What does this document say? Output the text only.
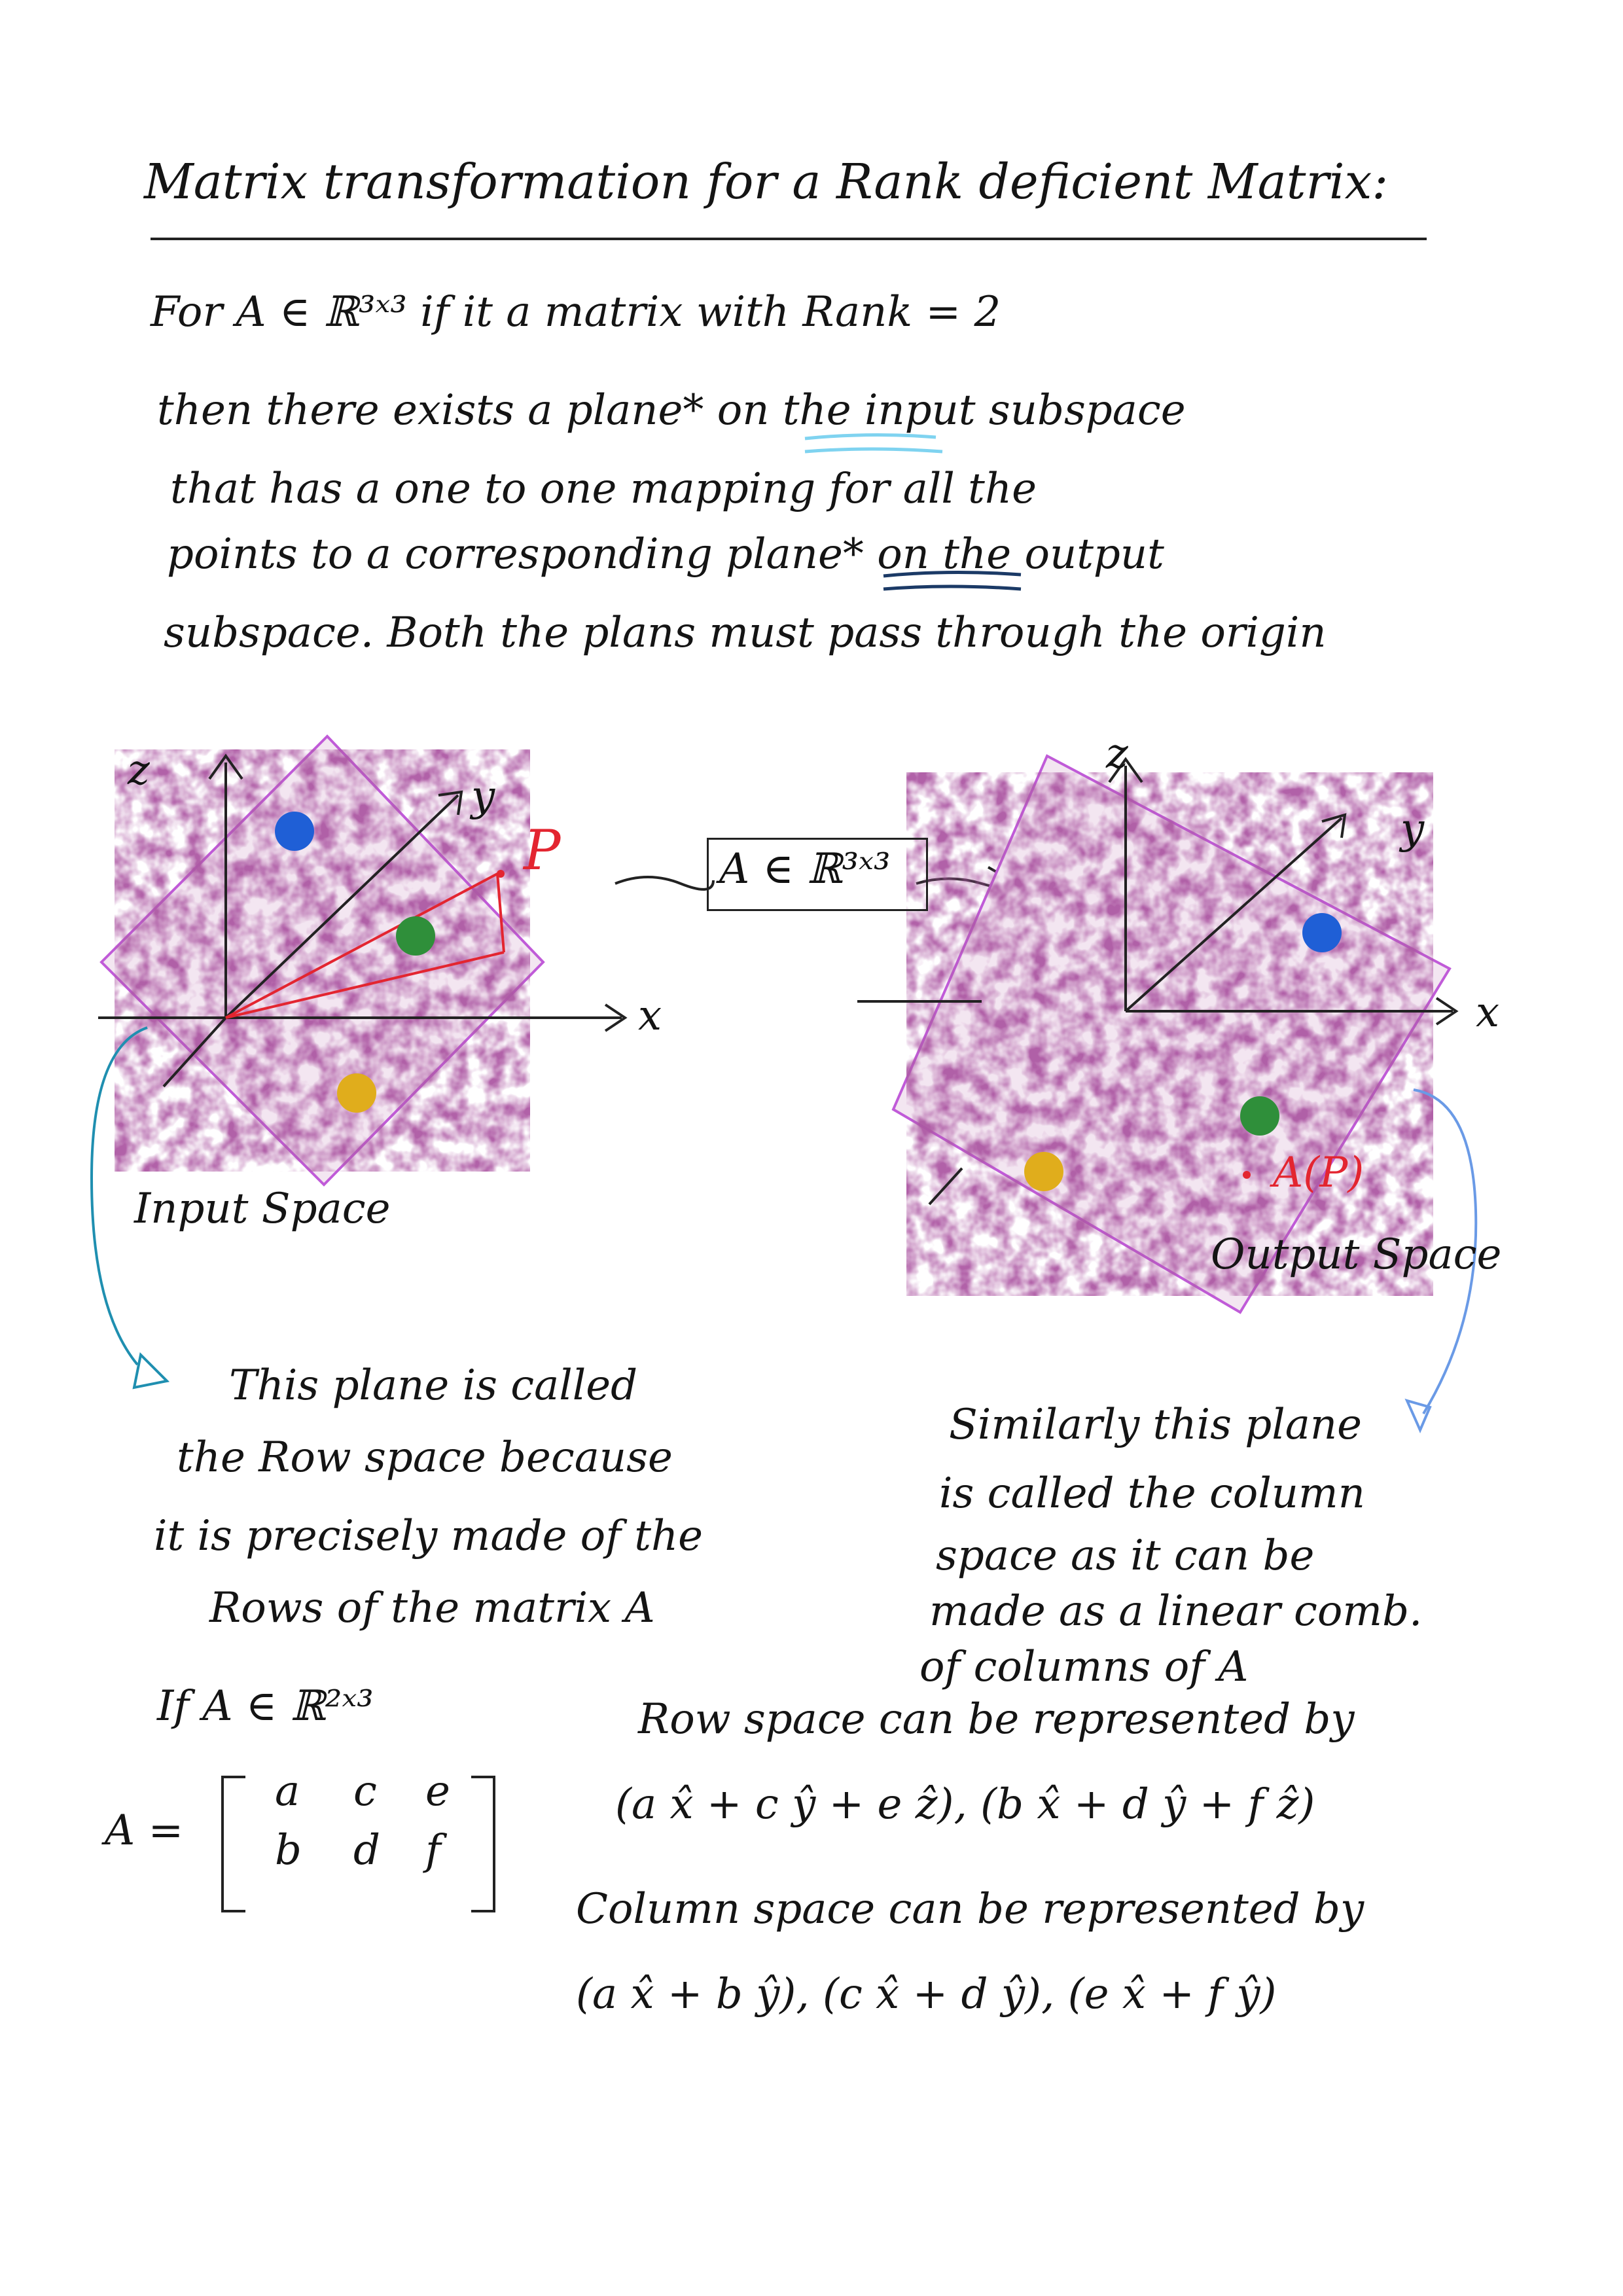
Matrix transformation for a Rank deficient Matrix:
For A ∈ ℝ³ˣ³ if it a matrix with Rank = 2
then there exists a plane* on the input subspace
that has a one to one mapping for all the
points to a corresponding plane* on the output
subspace. Both the plans must pass through the origin
z
y
x
P	A ∈ ℝ³ˣ³
Input Space
z
y
x
A(P)
Output Space
This plane is called
the Row space because
it is precisely made of the
Rows of the matrix A
Similarly this plane
is called the column
space as it can be
made as a linear comb.
of columns of A
If A ∈ ℝ²ˣ³
A =
a c e
b d f
Row space can be represented by
(a x̂ + c ŷ + e ẑ), (b x̂ + d ŷ + f ẑ)
Column space can be represented by
(a x̂ + b ŷ), (c x̂ + d ŷ), (e x̂ + f ŷ)
